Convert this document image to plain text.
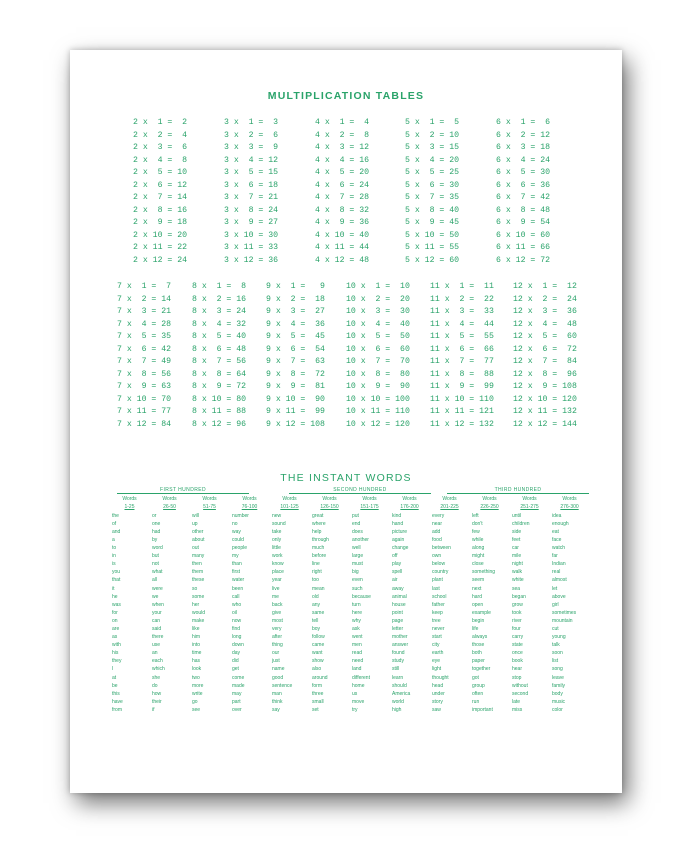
MULTIPLICATION TABLES
2 x  1 =  2
2 x  2 =  4
2 x  3 =  6
2 x  4 =  8
2 x  5 = 10
2 x  6 = 12
2 x  7 = 14
2 x  8 = 16
2 x  9 = 18
2 x 10 = 20
2 x 11 = 22
2 x 12 = 24
3 x  1 =  3
3 x  2 =  6
3 x  3 =  9
3 x  4 = 12
3 x  5 = 15
3 x  6 = 18
3 x  7 = 21
3 x  8 = 24
3 x  9 = 27
3 x 10 = 30
3 x 11 = 33
3 x 12 = 36
4 x  1 =  4
4 x  2 =  8
4 x  3 = 12
4 x  4 = 16
4 x  5 = 20
4 x  6 = 24
4 x  7 = 28
4 x  8 = 32
4 x  9 = 36
4 x 10 = 40
4 x 11 = 44
4 x 12 = 48
5 x  1 =  5
5 x  2 = 10
5 x  3 = 15
5 x  4 = 20
5 x  5 = 25
5 x  6 = 30
5 x  7 = 35
5 x  8 = 40
5 x  9 = 45
5 x 10 = 50
5 x 11 = 55
5 x 12 = 60
6 x  1 =  6
6 x  2 = 12
6 x  3 = 18
6 x  4 = 24
6 x  5 = 30
6 x  6 = 36
6 x  7 = 42
6 x  8 = 48
6 x  9 = 54
6 x 10 = 60
6 x 11 = 66
6 x 12 = 72
7 x  1 =  7
7 x  2 = 14
7 x  3 = 21
7 x  4 = 28
7 x  5 = 35
7 x  6 = 42
7 x  7 = 49
7 x  8 = 56
7 x  9 = 63
7 x 10 = 70
7 x 11 = 77
7 x 12 = 84
8 x  1 =  8
8 x  2 = 16
8 x  3 = 24
8 x  4 = 32
8 x  5 = 40
8 x  6 = 48
8 x  7 = 56
8 x  8 = 64
8 x  9 = 72
8 x 10 = 80
8 x 11 = 88
8 x 12 = 96
9 x  1 =   9
9 x  2 =  18
9 x  3 =  27
9 x  4 =  36
9 x  5 =  45
9 x  6 =  54
9 x  7 =  63
9 x  8 =  72
9 x  9 =  81
9 x 10 =  90
9 x 11 =  99
9 x 12 = 108
10 x  1 =  10
10 x  2 =  20
10 x  3 =  30
10 x  4 =  40
10 x  5 =  50
10 x  6 =  60
10 x  7 =  70
10 x  8 =  80
10 x  9 =  90
10 x 10 = 100
10 x 11 = 110
10 x 12 = 120
11 x  1 =  11
11 x  2 =  22
11 x  3 =  33
11 x  4 =  44
11 x  5 =  55
11 x  6 =  66
11 x  7 =  77
11 x  8 =  88
11 x  9 =  99
11 x 10 = 110
11 x 11 = 121
11 x 12 = 132
12 x  1 =  12
12 x  2 =  24
12 x  3 =  36
12 x  4 =  48
12 x  5 =  60
12 x  6 =  72
12 x  7 =  84
12 x  8 =  96
12 x  9 = 108
12 x 10 = 120
12 x 11 = 132
12 x 12 = 144
THE INSTANT WORDS
FIRST HUNDRED	SECOND HUNDRED	THIRD HUNDRED
Words
1-25
the
of
and
a
to
in
is
you
that
it
he
was
for
on
are
as
with
his
they
I
at
be
this
have
from
Words
26-50
or
one
had
by
word
but
not
what
all
were
we
when
your
can
said
there
use
an
each
which
she
do
how
their
if
Words
51-75
will
up
other
about
out
many
then
them
these
so
some
her
would
make
like
him
into
time
has
look
two
more
write
go
see
Words
76-100
number
no
way
could
people
my
than
first
water
been
call
who
oil
now
find
long
down
day
did
get
come
made
may
part
over
Words
101-125
new
sound
take
only
little
work
know
place
year
live
me
back
give
most
very
after
thing
our
just
name
good
sentence
man
think
say
Words
126-150
great
where
help
through
much
before
line
right
too
mean
old
any
same
tell
boy
follow
came
want
show
also
around
form
three
small
set
Words
151-175
put
end
does
another
well
large
must
big
even
such
because
turn
here
why
ask
went
men
read
need
land
different
home
us
move
try
Words
176-200
kind
hand
picture
again
change
off
play
spell
air
away
animal
house
point
page
letter
mother
answer
found
study
still
learn
should
America
world
high
Words
201-225
every
near
add
food
between
own
below
country
plant
last
school
father
keep
tree
never
start
city
earth
eye
light
thought
head
under
story
saw
Words
226-250
left
don't
few
while
along
might
close
something
seem
next
hard
open
example
begin
life
always
those
both
paper
together
got
group
often
run
important
Words
251-275
until
children
side
feet
car
mile
night
walk
white
sea
began
grow
took
river
four
carry
state
once
book
hear
stop
without
second
late
miss
Words
276-300
idea
enough
eat
face
watch
far
Indian
real
almost
let
above
girl
sometimes
mountain
cut
young
talk
soon
list
song
leave
family
body
music
color
